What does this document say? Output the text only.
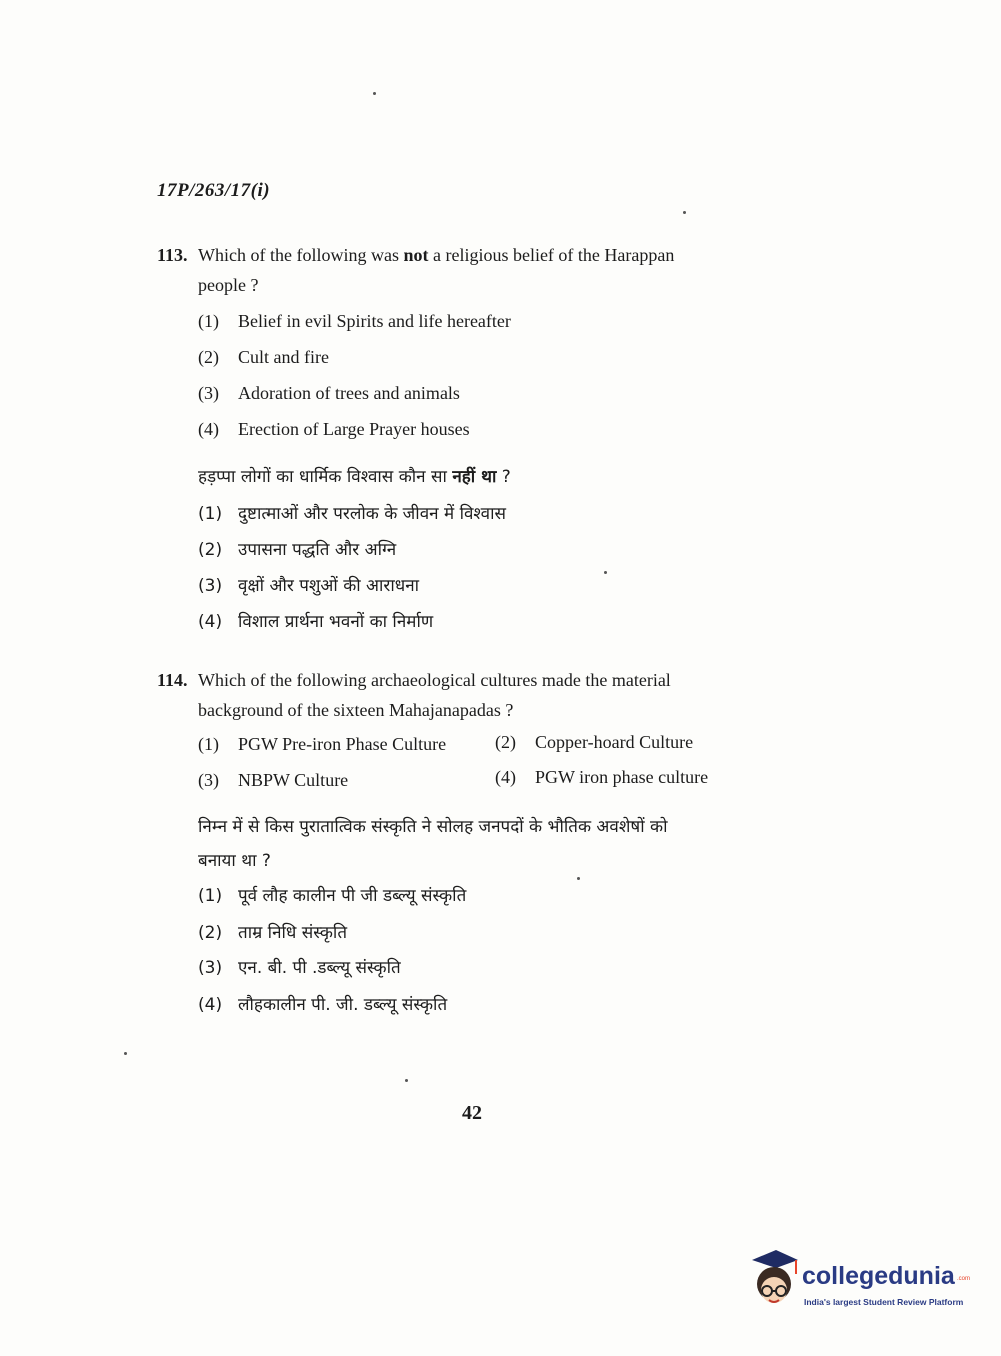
17P/263/17(i)
113. Which of the following was not a religious belief of the Harappan
people ?
(1) Belief in evil Spirits and life hereafter
(2) Cult and fire
(3) Adoration of trees and animals
(4) Erection of Large Prayer houses
हड़प्पा लोगों का धार्मिक विश्वास कौन सा नहीं था ?
(1) दुष्टात्माओं और परलोक के जीवन में विश्वास
(2) उपासना पद्धति और अग्नि
(3) वृक्षों और पशुओं की आराधना
(4) विशाल प्रार्थना भवनों का निर्माण
114. Which of the following archaeological cultures made the material
background of the sixteen Mahajanapadas ?
(1) PGW Pre-iron Phase Culture	(2) Copper-hoard Culture
(3) NBPW Culture	(4) PGW iron phase culture
निम्न में से किस पुरातात्विक संस्कृति ने सोलह जनपदों के भौतिक अवशेषों को
बनाया था ?
(1) पूर्व लौह कालीन पी जी डब्ल्यू संस्कृति
(2) ताम्र निधि संस्कृति
(3) एन. बी. पी .डब्ल्यू संस्कृति
(4) लौहकालीन पी. जी. डब्ल्यू संस्कृति
42
collegedunia .com
India's largest Student Review Platform
